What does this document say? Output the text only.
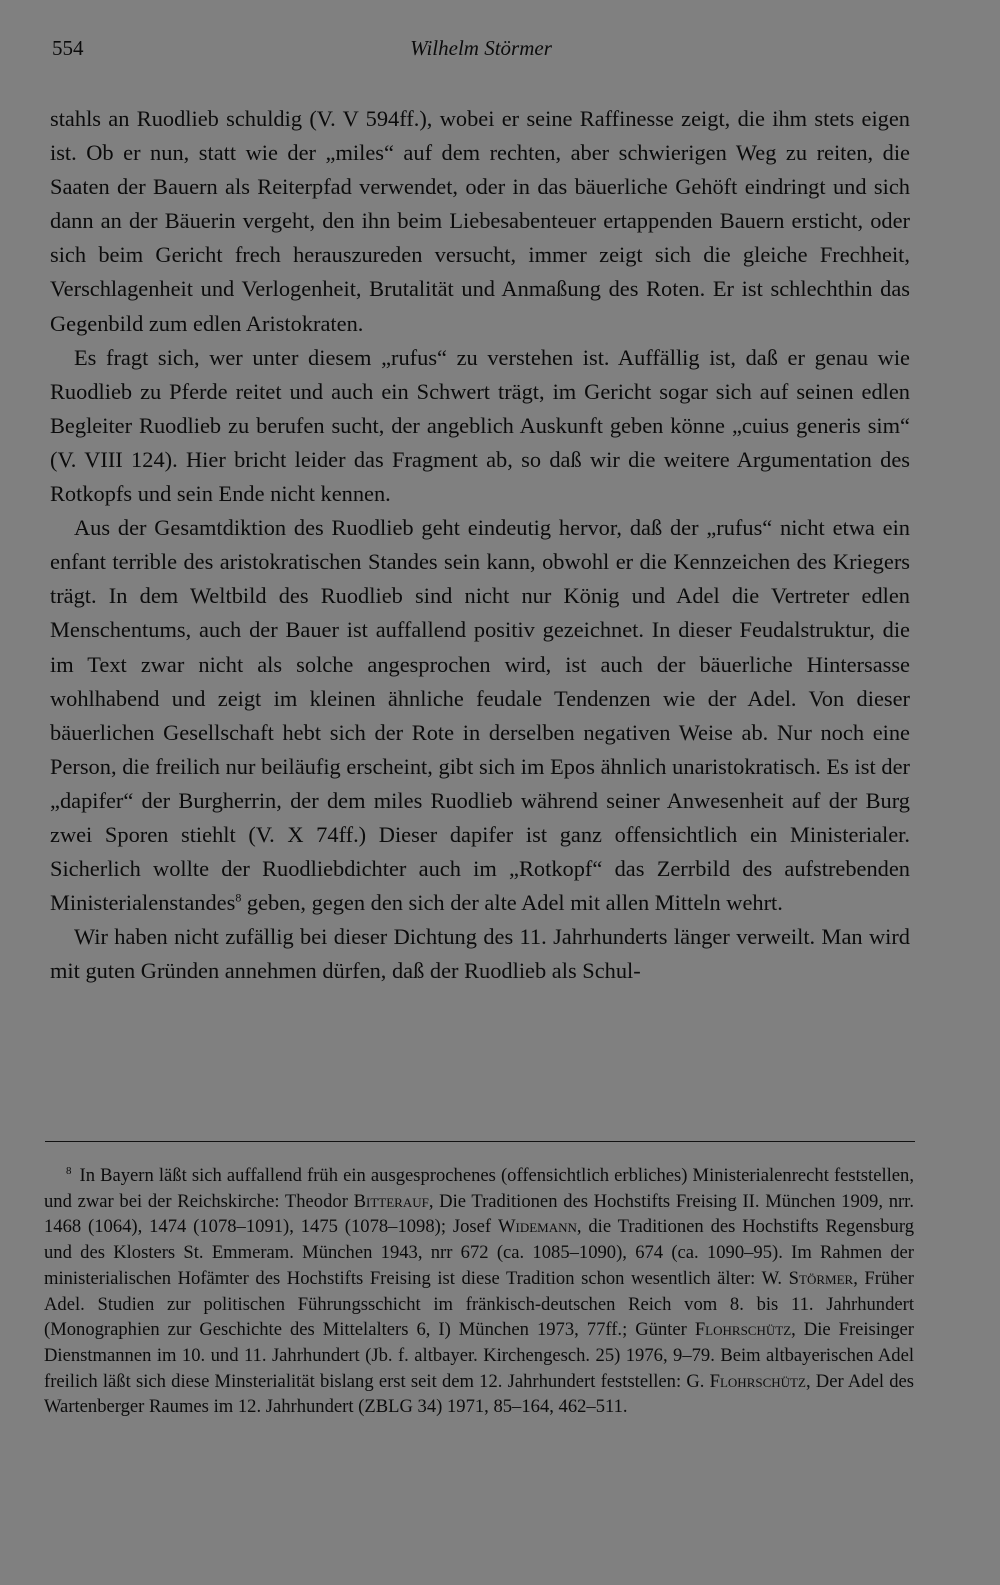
554	Wilhelm Störmer

stahls an Ruodlieb schuldig (V. V 594ff.), wobei er seine Raffinesse zeigt, die ihm stets eigen ist. Ob er nun, statt wie der „miles“ auf dem rechten, aber schwierigen Weg zu reiten, die Saaten der Bauern als Reiterpfad verwendet, oder in das bäuerliche Gehöft eindringt und sich dann an der Bäuerin vergeht, den ihn beim Liebesabenteuer ertappenden Bauern ersticht, oder sich beim Gericht frech herauszureden versucht, immer zeigt sich die gleiche Frechheit, Verschlagenheit und Verlogenheit, Brutalität und Anmaßung des Roten. Er ist schlechthin das Gegenbild zum edlen Aristokraten.

Es fragt sich, wer unter diesem „rufus“ zu verstehen ist. Auffällig ist, daß er genau wie Ruodlieb zu Pferde reitet und auch ein Schwert trägt, im Gericht sogar sich auf seinen edlen Begleiter Ruodlieb zu berufen sucht, der angeblich Auskunft geben könne „cuius generis sim“ (V. VIII 124). Hier bricht leider das Fragment ab, so daß wir die weitere Argumentation des Rotkopfs und sein Ende nicht kennen.

Aus der Gesamtdiktion des Ruodlieb geht eindeutig hervor, daß der „rufus“ nicht etwa ein enfant terrible des aristokratischen Standes sein kann, obwohl er die Kennzeichen des Kriegers trägt. In dem Weltbild des Ruodlieb sind nicht nur König und Adel die Vertreter edlen Menschentums, auch der Bauer ist auffallend positiv gezeichnet. In dieser Feudalstruktur, die im Text zwar nicht als solche angesprochen wird, ist auch der bäuerliche Hintersasse wohlhabend und zeigt im kleinen ähnliche feudale Tendenzen wie der Adel. Von dieser bäuerlichen Gesellschaft hebt sich der Rote in derselben negativen Weise ab. Nur noch eine Person, die freilich nur beiläufig erscheint, gibt sich im Epos ähnlich unaristokratisch. Es ist der „dapifer“ der Burgherrin, der dem miles Ruodlieb während seiner Anwesenheit auf der Burg zwei Sporen stiehlt (V. X 74ff.) Dieser dapifer ist ganz offensichtlich ein Ministerialer. Sicherlich wollte der Ruodliebdichter auch im „Rotkopf“ das Zerrbild des aufstrebenden Ministerialenstandes$^8$ geben, gegen den sich der alte Adel mit allen Mitteln wehrt.

Wir haben nicht zufällig bei dieser Dichtung des 11. Jahrhunderts länger verweilt. Man wird mit guten Gründen annehmen dürfen, daß der Ruodlieb als Schul-

$^8$ In Bayern läßt sich auffallend früh ein ausgesprochenes (offensichtlich erbliches) Ministerialenrecht feststellen, und zwar bei der Reichskirche: Theodor Bitterauf, Die Traditionen des Hochstifts Freising II. München 1909, nrr. 1468 (1064), 1474 (1078–1091), 1475 (1078–1098); Josef Widemann, die Traditionen des Hochstifts Regensburg und des Klosters St. Emmeram. München 1943, nrr 672 (ca. 1085–1090), 674 (ca. 1090–95). Im Rahmen der ministerialischen Hofämter des Hochstifts Freising ist diese Tradition schon wesentlich älter: W. Störmer, Früher Adel. Studien zur politischen Führungsschicht im fränkisch-deutschen Reich vom 8. bis 11. Jahrhundert (Monographien zur Geschichte des Mittelalters 6, I) München 1973, 77ff.; Günter Flohrschütz, Die Freisinger Dienstmannen im 10. und 11. Jahrhundert (Jb. f. altbayer. Kirchengesch. 25) 1976, 9–79. Beim altbayerischen Adel freilich läßt sich diese Minsterialität bislang erst seit dem 12. Jahrhundert feststellen: G. Flohrschütz, Der Adel des Wartenberger Raumes im 12. Jahrhundert (ZBLG 34) 1971, 85–164, 462–511.
